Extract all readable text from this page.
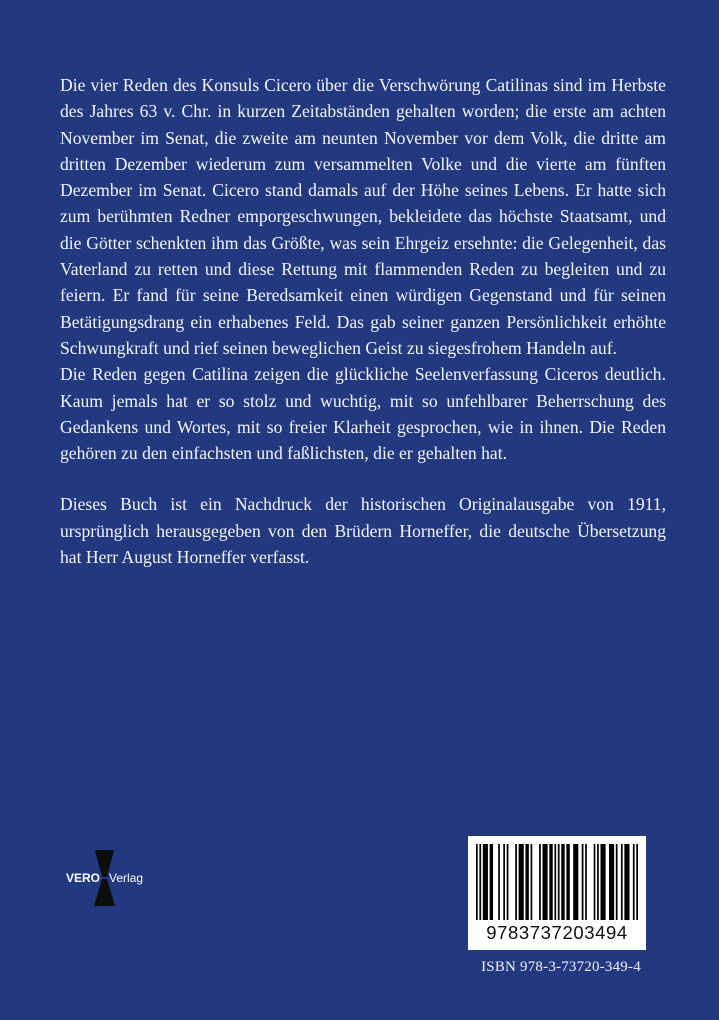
Die vier Reden des Konsuls Cicero über die Verschwörung Catilinas sind im Herbste des Jahres 63 v. Chr. in kurzen Zeitabständen gehalten worden; die erste am achten November im Senat, die zweite am neunten November vor dem Volk, die dritte am dritten Dezember wiederum zum versammelten Volke und die vierte am fünften Dezember im Senat. Cicero stand damals auf der Höhe seines Lebens. Er hatte sich zum berühmten Redner emporgeschwungen, bekleidete das höchste Staatsamt, und die Götter schenkten ihm das Größte, was sein Ehrgeiz ersehnte: die Gelegenheit, das Vaterland zu retten und diese Rettung mit flammenden Reden zu begleiten und zu feiern. Er fand für seine Beredsamkeit einen würdigen Gegenstand und für seinen Betätigungsdrang ein erhabenes Feld. Das gab seiner ganzen Persönlichkeit erhöhte Schwungkraft und rief seinen beweglichen Geist zu siegesfrohem Handeln auf.

Die Reden gegen Catilina zeigen die glückliche Seelenverfassung Ciceros deutlich. Kaum jemals hat er so stolz und wuchtig, mit so unfehlbarer Beherrschung des Gedankens und Wortes, mit so freier Klarheit gesprochen, wie in ihnen. Die Reden gehören zu den einfachsten und faßlichsten, die er gehalten hat.

Dieses Buch ist ein Nachdruck der historischen Originalausgabe von 1911, ursprünglich herausgegeben von den Brüdern Horneffer, die deutsche Übersetzung hat Herr August Horneffer verfasst.

VERO Verlag
9783737203494
ISBN 978-3-73720-349-4
